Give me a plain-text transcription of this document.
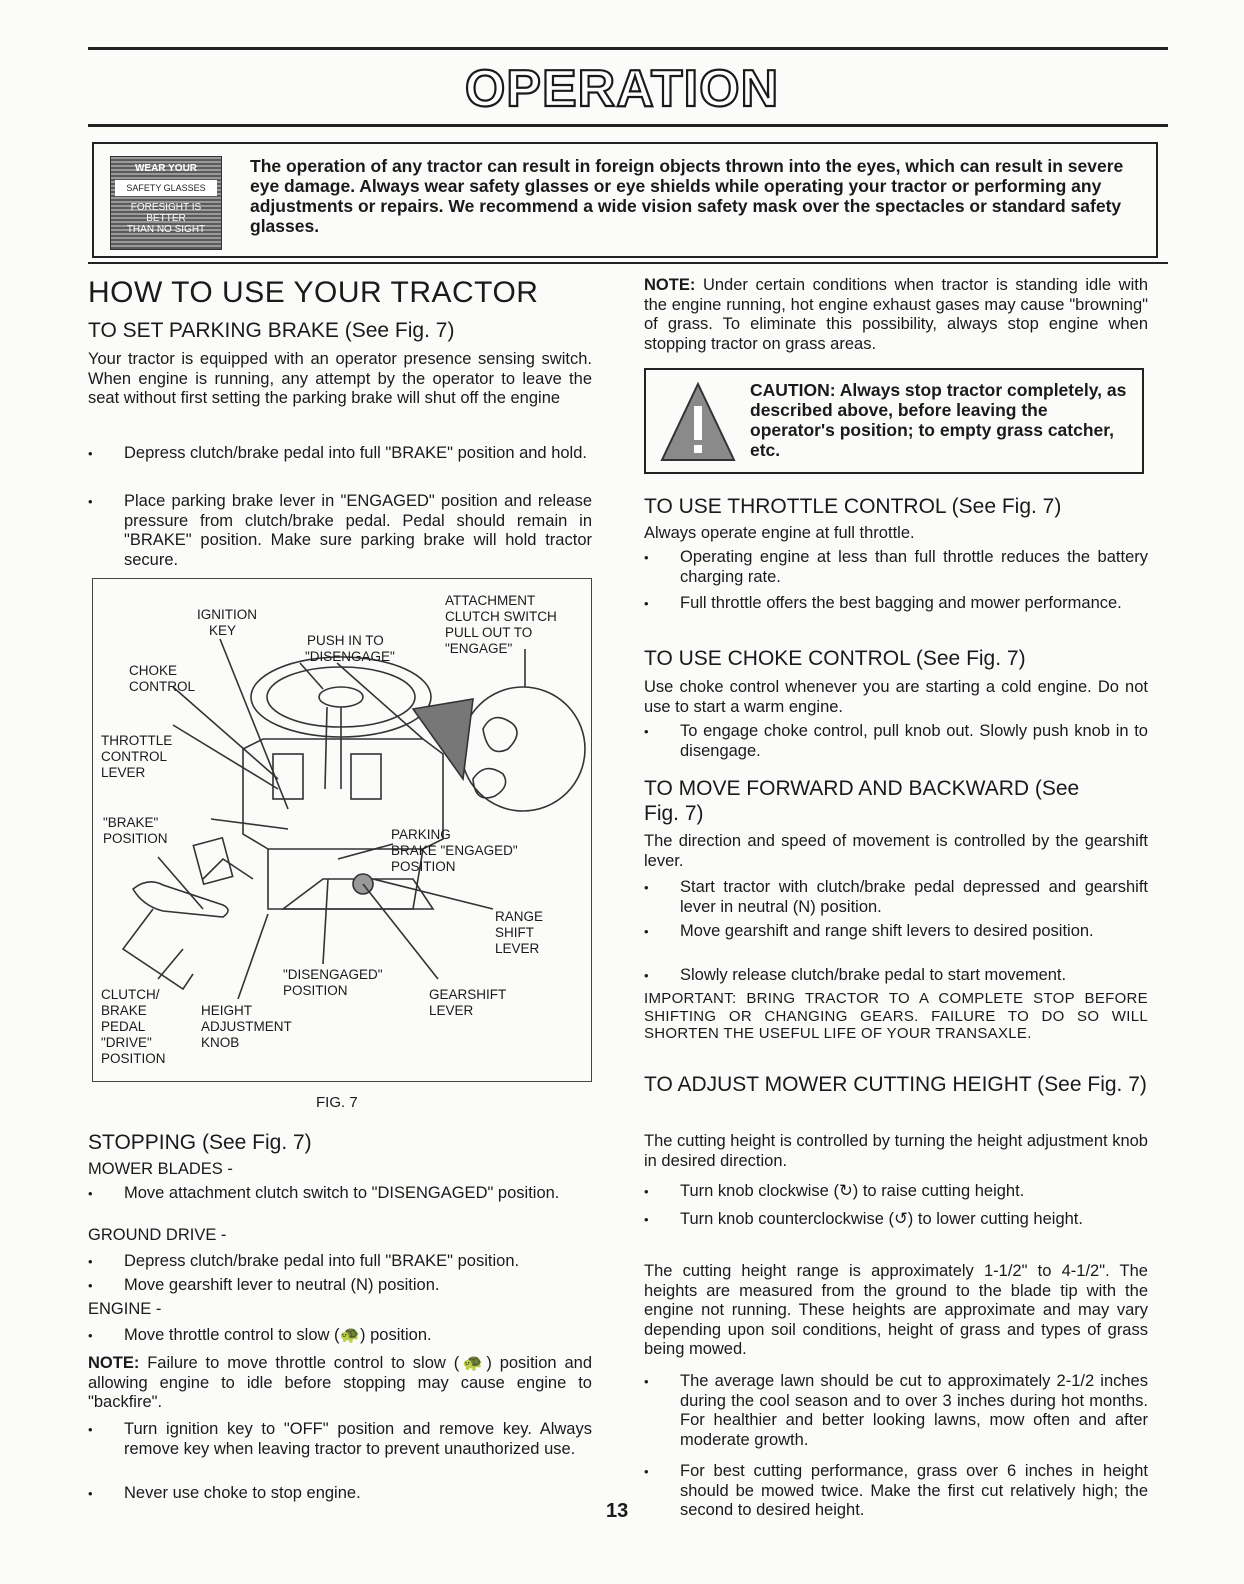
OPERATION
WEAR YOUR
SAFETY GLASSES
FORESIGHT IS BETTER
THAN NO SIGHT
The operation of any tractor can result in foreign objects thrown into the eyes, which can result in severe eye damage. Always wear safety glasses or eye shields while operating your tractor or performing any adjustments or repairs. We recommend a wide vision safety mask over the spectacles or standard safety glasses.
HOW TO USE YOUR TRACTOR
TO SET PARKING BRAKE (See Fig. 7)

Your tractor is equipped with an operator presence sensing switch. When engine is running, any attempt by the operator to leave the seat without first setting the parking brake will shut off the engine

• Depress clutch/brake pedal into full "BRAKE" position and hold.
• Place parking brake lever in "ENGAGED" position and release pressure from clutch/brake pedal. Pedal should remain in "BRAKE" position. Make sure parking brake will hold tractor secure.
IGNITION
KEY
PUSH IN TO
"DISENGAGE"
ATTACHMENT
CLUTCH SWITCH
PULL OUT TO
"ENGAGE"
CHOKE
CONTROL
THROTTLE
CONTROL
LEVER
"BRAKE"
POSITION	PARKING
BRAKE "ENGAGED"
POSITION
RANGE
SHIFT
LEVER
"DISENGAGED"
POSITION	GEARSHIFT
LEVER
CLUTCH/
BRAKE
PEDAL
"DRIVE"
POSITION
HEIGHT
ADJUSTMENT
KNOB
FIG. 7
STOPPING (See Fig. 7)

MOWER BLADES -

• Move attachment clutch switch to "DISENGAGED" position.

GROUND DRIVE -

• Depress clutch/brake pedal into full "BRAKE" position.
• Move gearshift lever to neutral (N) position.

ENGINE -

• Move throttle control to slow (🐢) position.

NOTE: Failure to move throttle control to slow (🐢) position and allowing engine to idle before stopping may cause engine to "backfire".

• Turn ignition key to "OFF" position and remove key. Always remove key when leaving tractor to prevent unauthorized use.
• Never use choke to stop engine.
13

NOTE: Under certain conditions when tractor is standing idle with the engine running, hot engine exhaust gases may cause "browning" of grass. To eliminate this possibility, always stop engine when stopping tractor on grass areas.

CAUTION: Always stop tractor completely, as described above, before leaving the operator's position; to empty grass catcher, etc.
TO USE THROTTLE CONTROL (See Fig. 7)

Always operate engine at full throttle.

• Operating engine at less than full throttle reduces the battery charging rate.
• Full throttle offers the best bagging and mower performance.
TO USE CHOKE CONTROL (See Fig. 7)

Use choke control whenever you are starting a cold engine. Do not use to start a warm engine.

• To engage choke control, pull knob out. Slowly push knob in to disengage.
TO MOVE FORWARD AND BACKWARD (See Fig. 7)

The direction and speed of movement is controlled by the gearshift lever.

• Start tractor with clutch/brake pedal depressed and gearshift lever in neutral (N) position.
• Move gearshift and range shift levers to desired position.
• Slowly release clutch/brake pedal to start movement.

IMPORTANT: BRING TRACTOR TO A COMPLETE STOP BEFORE SHIFTING OR CHANGING GEARS. FAILURE TO DO SO WILL SHORTEN THE USEFUL LIFE OF YOUR TRANSAXLE.

TO ADJUST MOWER CUTTING HEIGHT (See Fig. 7)

The cutting height is controlled by turning the height adjustment knob in desired direction.

• Turn knob clockwise (↻) to raise cutting height.
• Turn knob counterclockwise (↺) to lower cutting height.

The cutting height range is approximately 1-1/2" to 4-1/2". The heights are measured from the ground to the blade tip with the engine not running. These heights are approximate and may vary depending upon soil conditions, height of grass and types of grass being mowed.

• The average lawn should be cut to approximately 2-1/2 inches during the cool season and to over 3 inches during hot months. For healthier and better looking lawns, mow often and after moderate growth.
• For best cutting performance, grass over 6 inches in height should be mowed twice. Make the first cut relatively high; the second to desired height.
